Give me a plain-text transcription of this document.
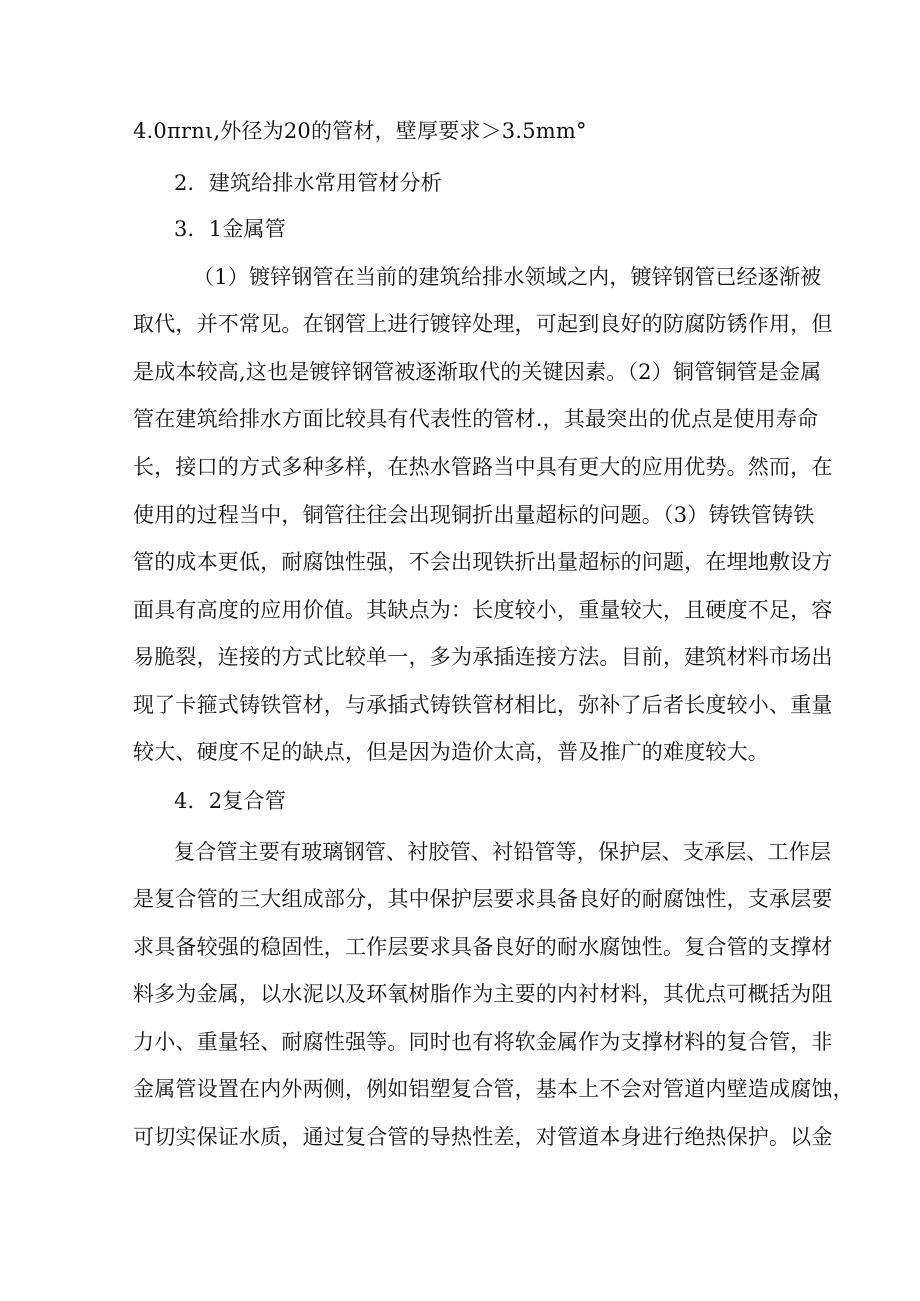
4.0πrnι,外径为20的管材，壁厚要求＞3.5mm°
2．建筑给排水常用管材分析
3．1金属管
（1）镀锌钢管在当前的建筑给排水领域之内，镀锌钢管已经逐渐被
取代，并不常见。在钢管上进行镀锌处理，可起到良好的防腐防锈作用，但
是成本较高,这也是镀锌钢管被逐渐取代的关键因素。（2）铜管铜管是金属
管在建筑给排水方面比较具有代表性的管材.，其最突出的优点是使用寿命
长，接口的方式多种多样，在热水管路当中具有更大的应用优势。然而，在
使用的过程当中，铜管往往会出现铜折出量超标的问题。（3）铸铁管铸铁
管的成本更低，耐腐蚀性强，不会出现铁折出量超标的问题，在埋地敷设方
面具有高度的应用价值。其缺点为：长度较小，重量较大，且硬度不足，容
易脆裂，连接的方式比较单一，多为承插连接方法。目前，建筑材料市场出
现了卡箍式铸铁管材，与承插式铸铁管材相比，弥补了后者长度较小、重量
较大、硬度不足的缺点，但是因为造价太高，普及推广的难度较大。
4．2复合管
复合管主要有玻璃钢管、衬胶管、衬铅管等，保护层、支承层、工作层
是复合管的三大组成部分，其中保护层要求具备良好的耐腐蚀性，支承层要
求具备较强的稳固性，工作层要求具备良好的耐水腐蚀性。复合管的支撑材
料多为金属，以水泥以及环氧树脂作为主要的内衬材料，其优点可概括为阻
力小、重量轻、耐腐性强等。同时也有将软金属作为支撑材料的复合管，非
金属管设置在内外两侧，例如铝塑复合管，基本上不会对管道内壁造成腐蚀，
可切实保证水质，通过复合管的导热性差，对管道本身进行绝热保护。以金
